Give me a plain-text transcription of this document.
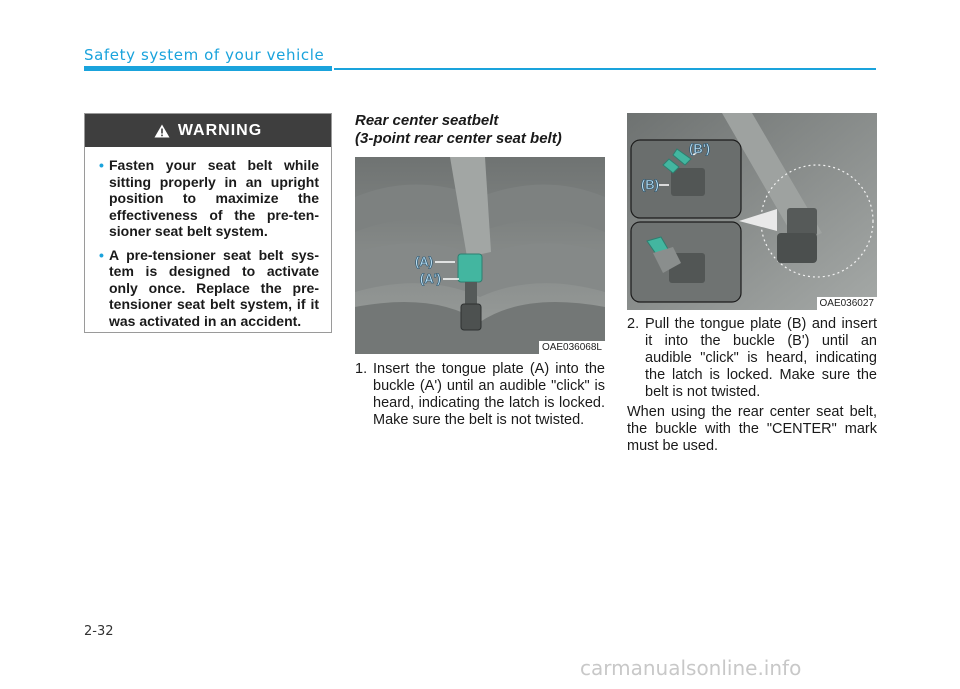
Safety system of your vehicle
WARNING
• Fasten your seat belt while sitting properly in an upright position to maximize the effectiveness of the pre-ten-sioner seat belt system.
• A pre-tensioner seat belt sys-tem is designed to activate only once. Replace the pre-tensioner seat belt system, if it was activated in an accident.
Rear center seatbelt
(3-point rear center seat belt)
(A)
(A')
OAE036068L
(B')
(B)
OAE036027
1. Insert the tongue plate (A) into the buckle (A') until an audible "click" is heard, indicating the latch is locked. Make sure the belt is not twisted.
2. Pull the tongue plate (B) and insert it into the buckle (B') until an audible "click" is heard, indicating the latch is locked. Make sure the belt is not twisted.
When using the rear center seat belt, the buckle with the "CENTER" mark must be used.
2-32
carmanualsonline.info
